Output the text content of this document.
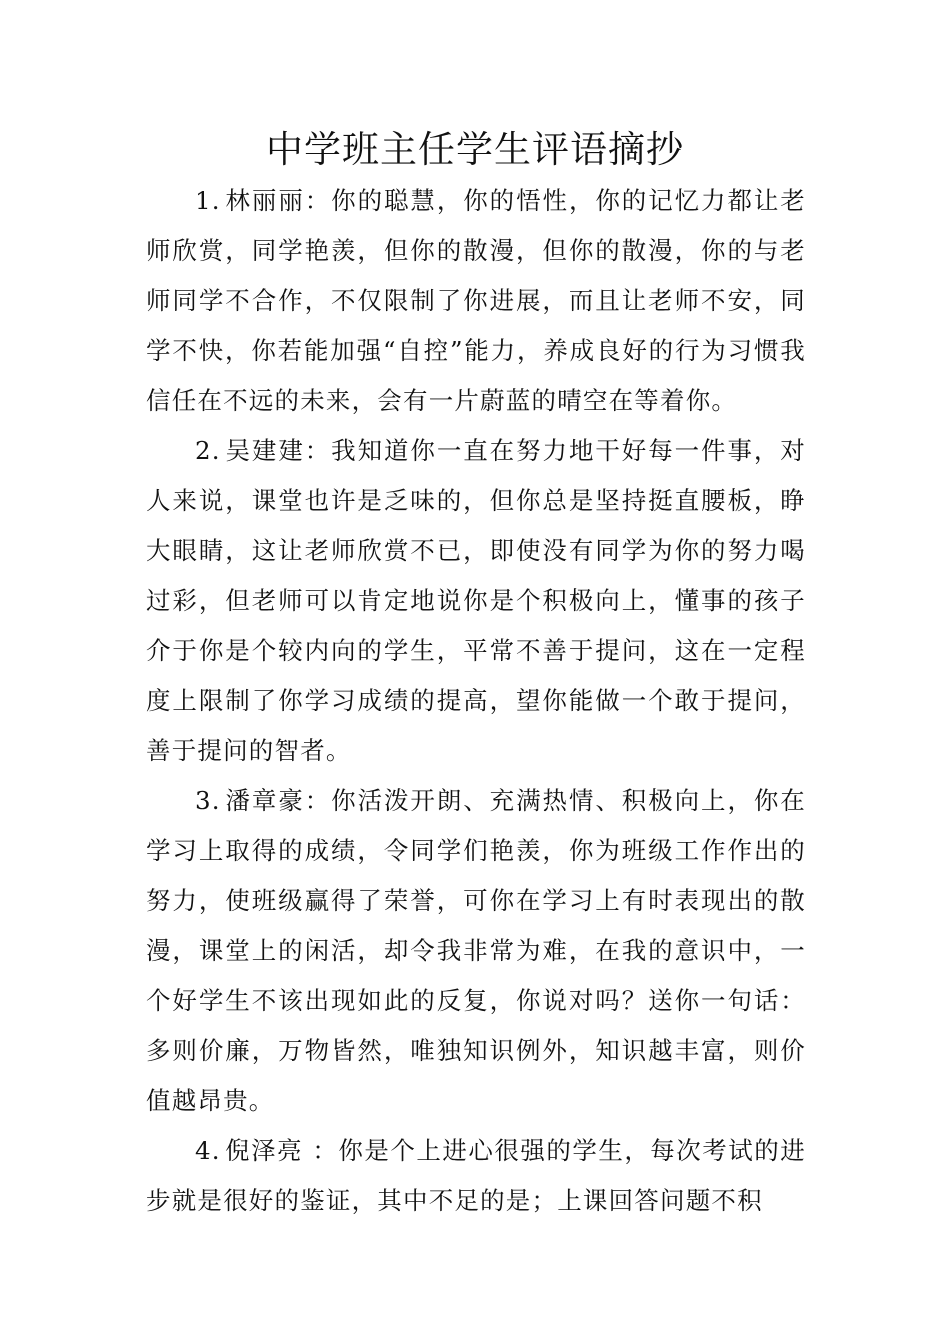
中学班主任学生评语摘抄

1. 林丽丽：你的聪慧，你的悟性，你的记忆力都让老师欣赏，同学艳羡，但你的散漫，但你的散漫，你的与老师同学不合作，不仅限制了你进展，而且让老师不安，同学不快，你若能加强“自控”能力，养成良好的行为习惯我信任在不远的未来，会有一片蔚蓝的晴空在等着你。

2. 吴建建：我知道你一直在努力地干好每一件事，对人来说，课堂也许是乏味的，但你总是坚持挺直腰板，睁大眼睛，这让老师欣赏不已，即使没有同学为你的努力喝过彩，但老师可以肯定地说你是个积极向上，懂事的孩子介于你是个较内向的学生，平常不善于提问，这在一定程度上限制了你学习成绩的提高，望你能做一个敢于提问，善于提问的智者。

3. 潘章豪：你活泼开朗、充满热情、积极向上，你在学习上取得的成绩，令同学们艳羡，你为班级工作作出的努力，使班级赢得了荣誉，可你在学习上有时表现出的散漫，课堂上的闲活，却令我非常为难，在我的意识中，一个好学生不该出现如此的反复，你说对吗？送你一句话：多则价廉，万物皆然，唯独知识例外，知识越丰富，则价值越昂贵。

4. 倪泽亮 ：你是个上进心很强的学生，每次考试的进步就是很好的鉴证，其中不足的是；上课回答问题不积
